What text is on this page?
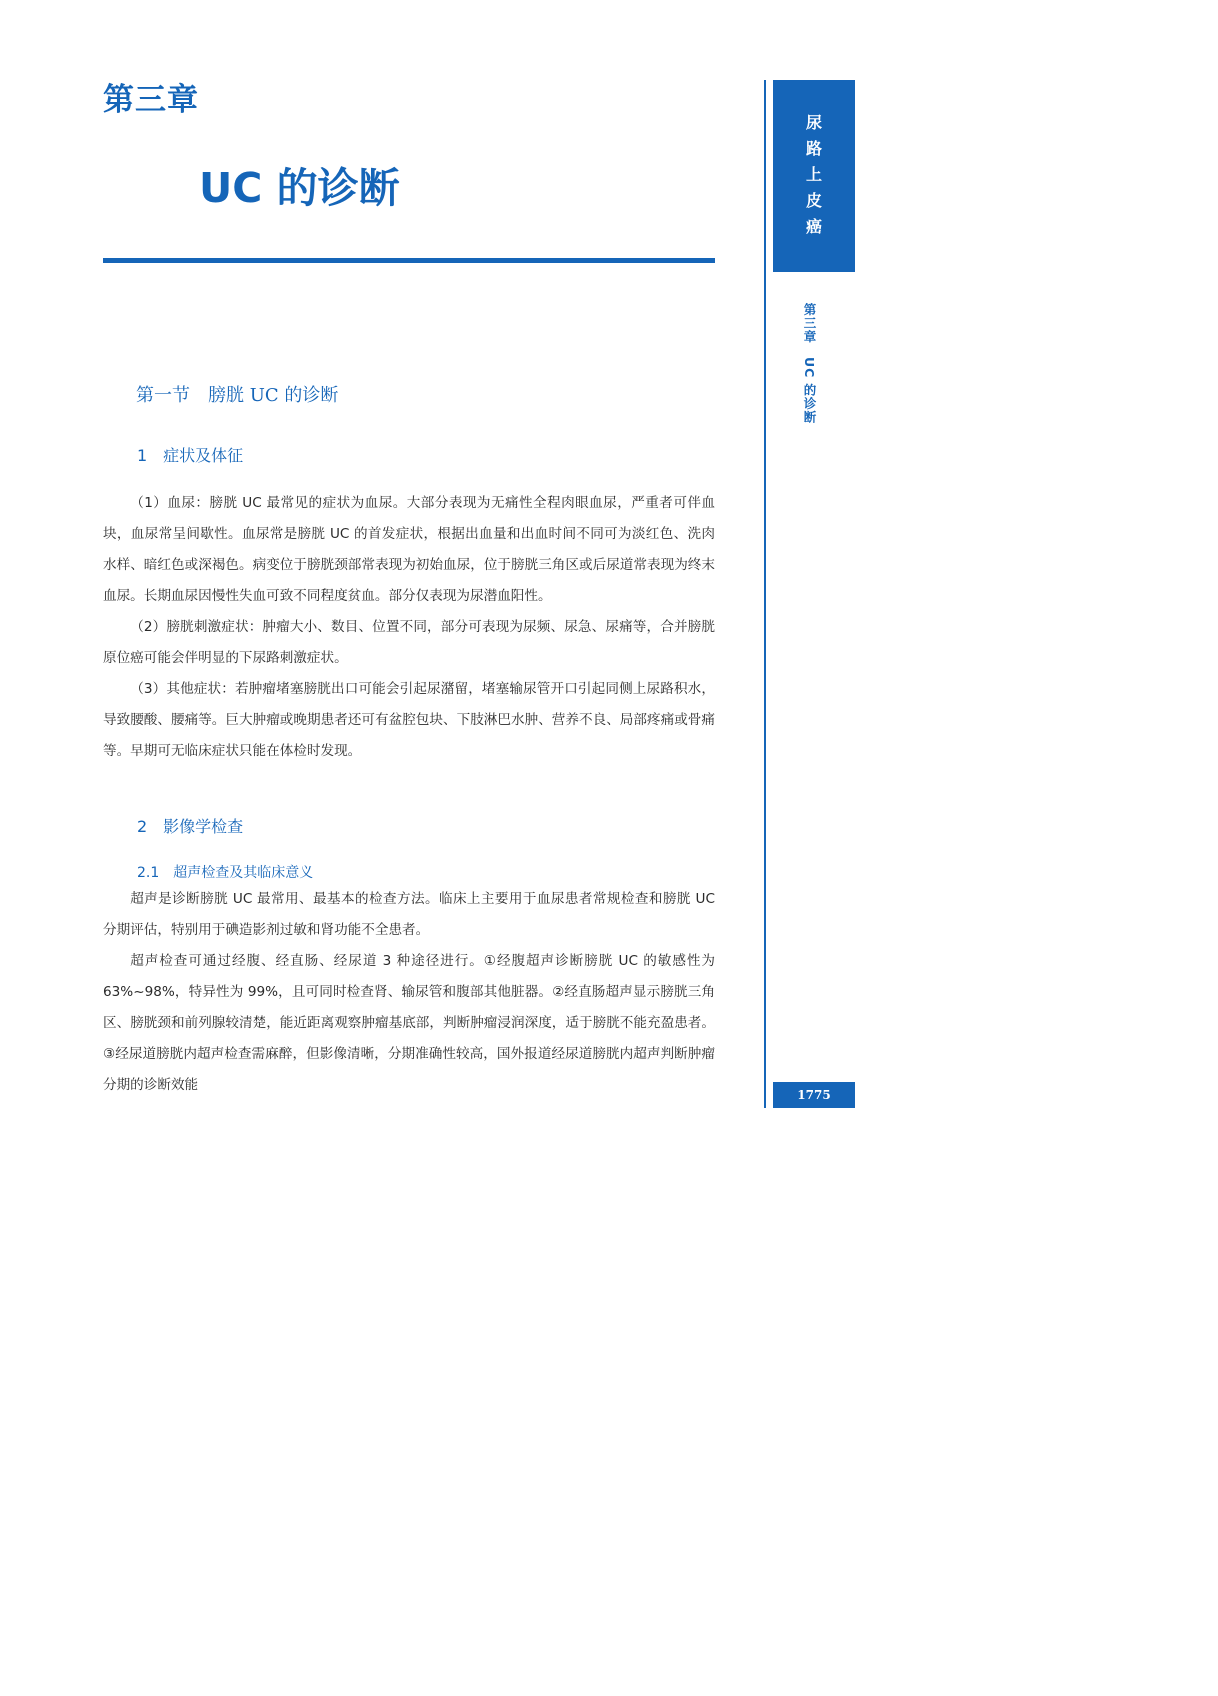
第三章
UC 的诊断
第一节　膀胱 UC 的诊断
1　症状及体征

（1）血尿：膀胱 UC 最常见的症状为血尿。大部分表现为无痛性全程肉眼血尿，严重者可伴血块，血尿常呈间歇性。血尿常是膀胱 UC 的首发症状，根据出血量和出血时间不同可为淡红色、洗肉水样、暗红色或深褐色。病变位于膀胱颈部常表现为初始血尿，位于膀胱三角区或后尿道常表现为终末血尿。长期血尿因慢性失血可致不同程度贫血。部分仅表现为尿潜血阳性。

（2）膀胱刺激症状：肿瘤大小、数目、位置不同，部分可表现为尿频、尿急、尿痛等，合并膀胱原位癌可能会伴明显的下尿路刺激症状。

（3）其他症状：若肿瘤堵塞膀胱出口可能会引起尿潴留，堵塞输尿管开口引起同侧上尿路积水，导致腰酸、腰痛等。巨大肿瘤或晚期患者还可有盆腔包块、下肢淋巴水肿、营养不良、局部疼痛或骨痛等。早期可无临床症状只能在体检时发现。

2　影像学检查
2.1　超声检查及其临床意义

超声是诊断膀胱 UC 最常用、最基本的检查方法。临床上主要用于血尿患者常规检查和膀胱 UC 分期评估，特别用于碘造影剂过敏和肾功能不全患者。

超声检查可通过经腹、经直肠、经尿道 3 种途径进行。①经腹超声诊断膀胱 UC 的敏感性为 63%~98%，特异性为 99%，且可同时检查肾、输尿管和腹部其他脏器。②经直肠超声显示膀胱三角区、膀胱颈和前列腺较清楚，能近距离观察肿瘤基底部，判断肿瘤浸润深度，适于膀胱不能充盈患者。③经尿道膀胱内超声检查需麻醉，但影像清晰，分期准确性较高，国外报道经尿道膀胱内超声判断肿瘤分期的诊断效能

尿
路
上
皮
癌
第三章　UC 的诊断
1775
